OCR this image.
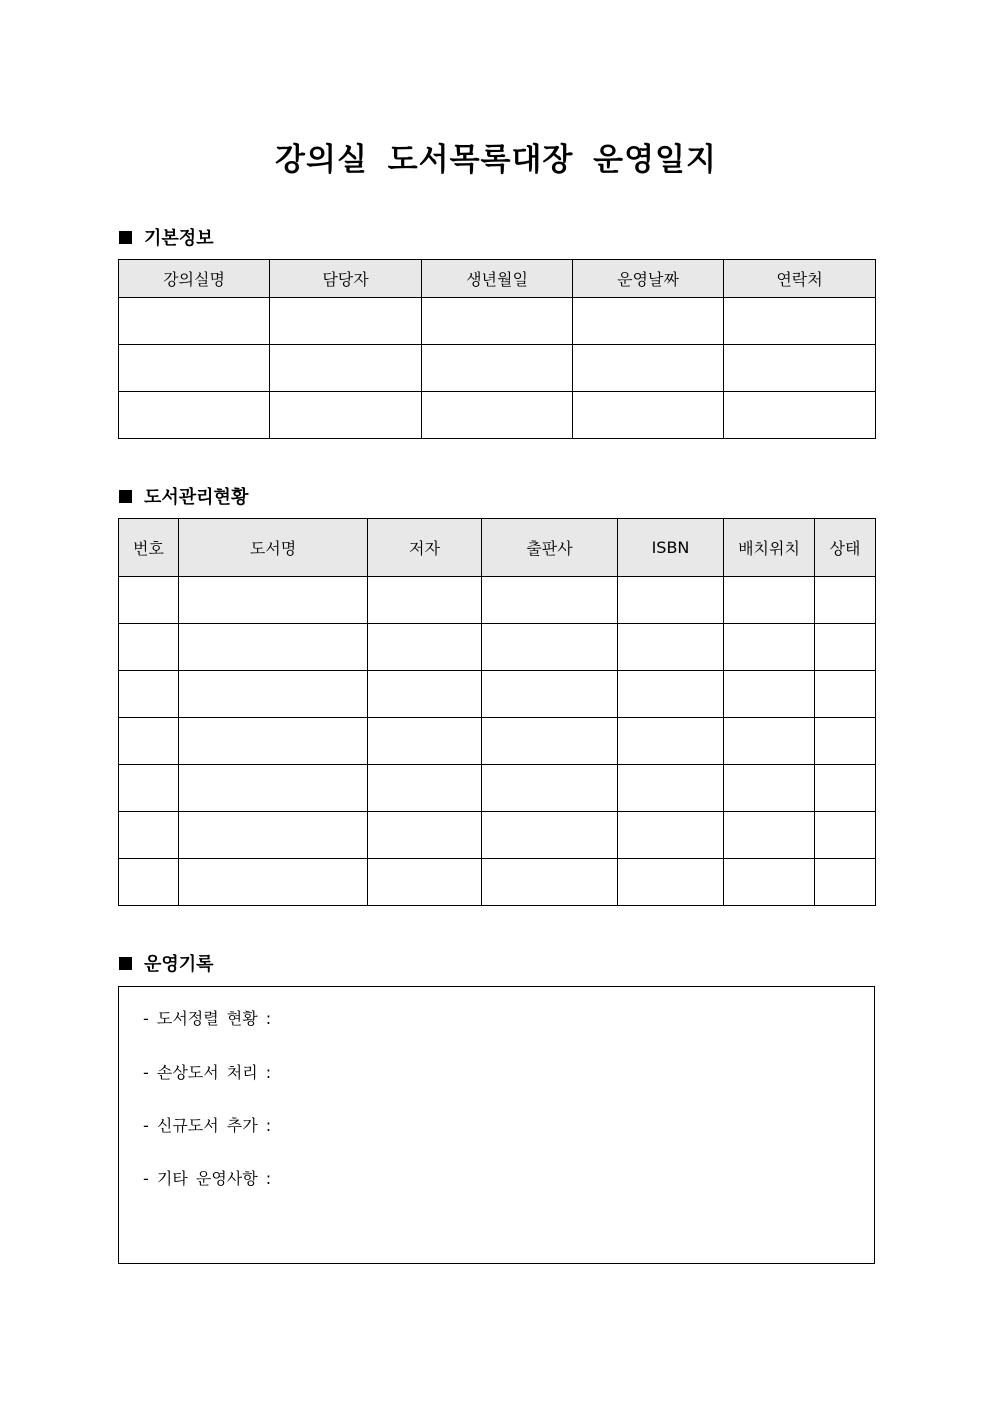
강의실 도서목록대장 운영일지
기본정보
강의실명	담당자	생년월일	운영날짜	연락처

도서관리현황
번호	도서명	저자	출판사	ISBN	배치위치	상태

운영기록
- 도서정렬 현황 :
- 손상도서 처리 :
- 신규도서 추가 :
- 기타 운영사항 :
